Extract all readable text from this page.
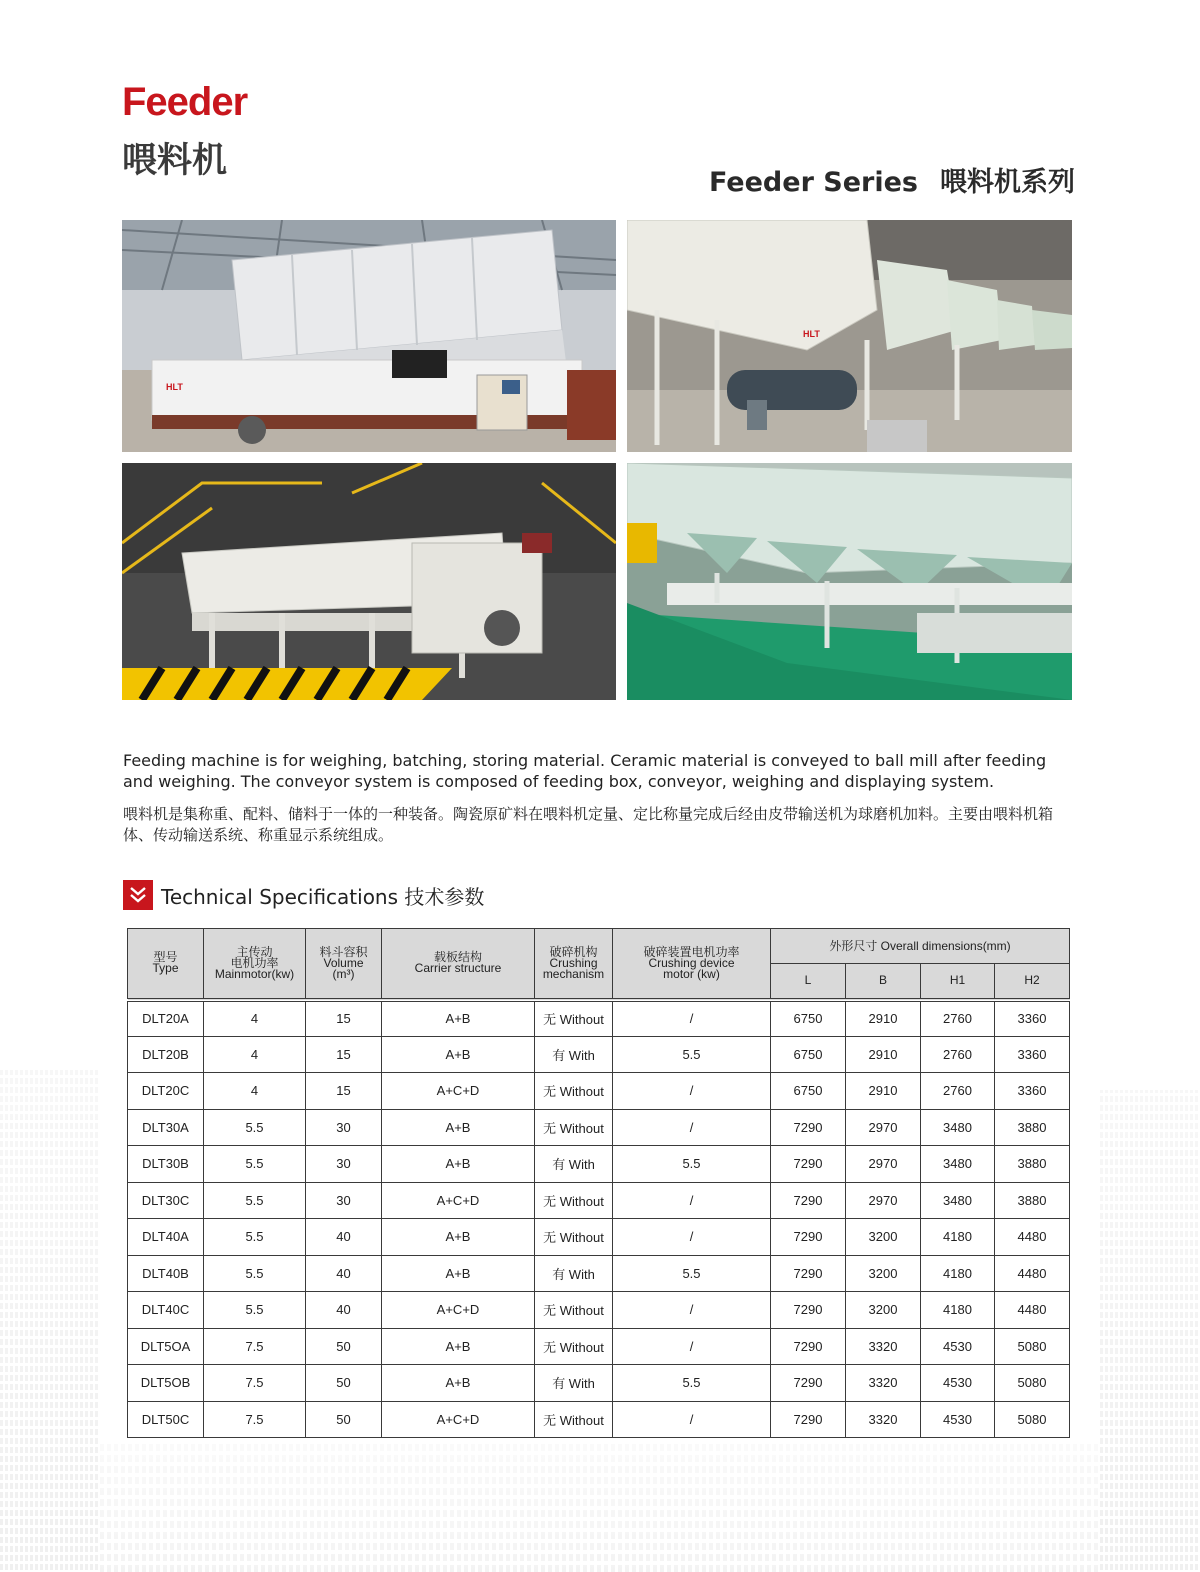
Feeder
喂料机
Feeder Series 喂料机系列
HLT
HLT

Feeding machine is for weighing, batching, storing material. Ceramic material is conveyed to ball mill after feeding and weighing. The conveyor system is composed of feeding box, conveyor, weighing and displaying system.

喂料机是集称重、配料、储料于一体的一种装备。陶瓷原矿料在喂料机定量、定比称量完成后经由皮带输送机为球磨机加料。主要由喂料机箱体、传动输送系统、称重显示系统组成。

Technical Specifications 技术参数
型号
Type	主传动
电机功率
Mainmotor(kw)	料斗容积
Volume
(m³)	载板结构
Carrier structure	破碎机构
Crushing
mechanism	破碎装置电机功率
Crushing device
motor (kw)	外形尺寸 Overall dimensions(mm)			
						L	B	H1	H2
DLT20A	4	15	A+B	无 Without	/	6750	2910	2760	3360
DLT20B	4	15	A+B	有 With	5.5	6750	2910	2760	3360
DLT20C	4	15	A+C+D	无 Without	/	6750	2910	2760	3360
DLT30A	5.5	30	A+B	无 Without	/	7290	2970	3480	3880
DLT30B	5.5	30	A+B	有 With	5.5	7290	2970	3480	3880
DLT30C	5.5	30	A+C+D	无 Without	/	7290	2970	3480	3880
DLT40A	5.5	40	A+B	无 Without	/	7290	3200	4180	4480
DLT40B	5.5	40	A+B	有 With	5.5	7290	3200	4180	4480
DLT40C	5.5	40	A+C+D	无 Without	/	7290	3200	4180	4480
DLT5OA	7.5	50	A+B	无 Without	/	7290	3320	4530	5080
DLT5OB	7.5	50	A+B	有 With	5.5	7290	3320	4530	5080
DLT50C	7.5	50	A+C+D	无 Without	/	7290	3320	4530	5080
